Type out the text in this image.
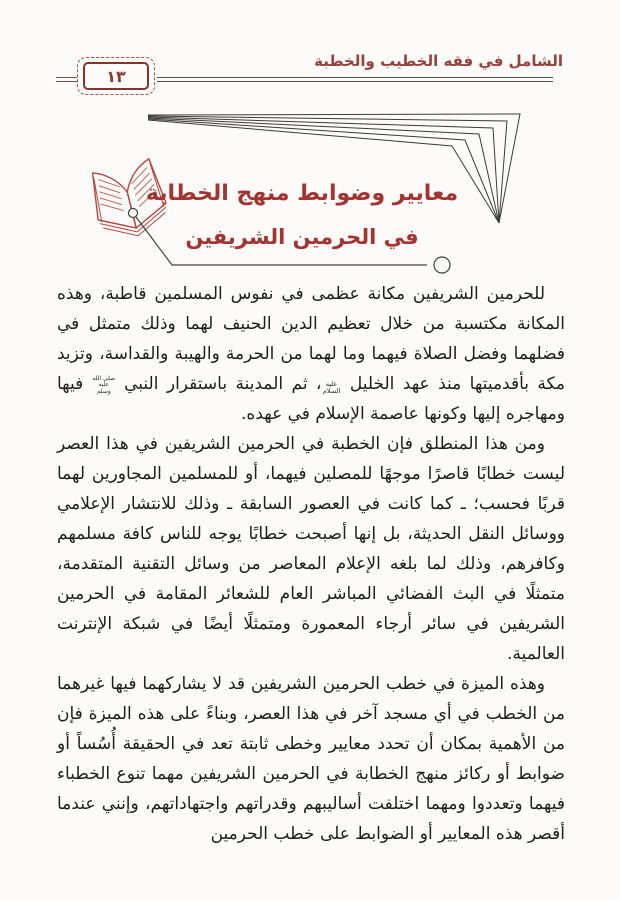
الشامل في فقه الخطيب والخطبة
١٣
معايير وضوابط منهج الخطابة
في الحرمين الشريفين

للحرمين الشريفين مكانة عظمى في نفوس المسلمين قاطبة، وهذه المكانة مكتسبة من خلال تعظيم الدين الحنيف لهما وذلك متمثل في فضلهما وفضل الصلاة فيهما وما لهما من الحرمة والهيبة والقداسة، وتزيد مكة بأقدميتها منذ عهد الخليل عليه السلام، ثم المدينة باستقرار النبي صلى الله عليه وسلم فيها ومهاجره إليها وكونها عاصمة الإسلام في عهده.

ومن هذا المنطلق فإن الخطبة في الحرمين الشريفين في هذا العصر ليست خطابًا قاصرًا موجهًا للمصلين فيهما، أو للمسلمين المجاورين لهما قربًا فحسب؛ ـ كما كانت في العصور السابقة ـ وذلك للانتشار الإعلامي ووسائل النقل الحديثة، بل إنها أصبحت خطابًا يوجه للناس كافة مسلمهم وكافرهم، وذلك لما بلغه الإعلام المعاصر من وسائل التقنية المتقدمة، متمثلًا في البث الفضائي المباشر العام للشعائر المقامة في الحرمين الشريفين في سائر أرجاء المعمورة ومتمثلًا أيضًا في شبكة الإنترنت العالمية.

وهذه الميزة في خطب الحرمين الشريفين قد لا يشاركهما فيها غيرهما من الخطب في أي مسجد آخر في هذا العصر، وبناءً على هذه الميزة فإن من الأهمية بمكان أن تحدد معايير وخطى ثابتة تعد في الحقيقة أُسُساً أو ضوابط أو ركائز منهج الخطابة في الحرمين الشريفين مهما تنوع الخطباء فيهما وتعددوا ومهما اختلفت أساليبهم وقدراتهم واجتهاداتهم، وإنني عندما أقصر هذه المعايير أو الضوابط على خطب الحرمين
